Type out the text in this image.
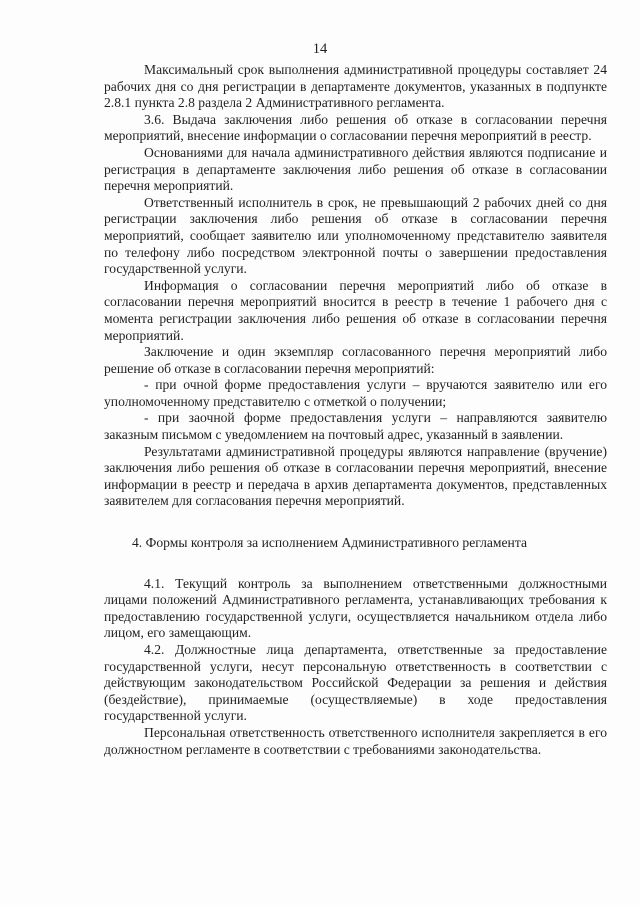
14

Максимальный срок выполнения административной процедуры составляет 24 рабочих дня со дня регистрации в департаменте документов, указанных в подпункте 2.8.1 пункта 2.8 раздела 2 Административного регламента.

3.6. Выдача заключения либо решения об отказе в согласовании перечня мероприятий, внесение информации о согласовании перечня мероприятий в реестр.

Основаниями для начала административного действия являются подписание и регистрация в департаменте заключения либо решения об отказе в согласовании перечня мероприятий.

Ответственный исполнитель в срок, не превышающий 2 рабочих дней со дня регистрации заключения либо решения об отказе в согласовании перечня мероприятий, сообщает заявителю или уполномоченному представителю заявителя по телефону либо посредством электронной почты о завершении предоставления государственной услуги.

Информация о согласовании перечня мероприятий либо об отказе в согласовании перечня мероприятий вносится в реестр в течение 1 рабочего дня с момента регистрации заключения либо решения об отказе в согласовании перечня мероприятий.

Заключение и один экземпляр согласованного перечня мероприятий либо решение об отказе в согласовании перечня мероприятий:

- при очной форме предоставления услуги – вручаются заявителю или его уполномоченному представителю с отметкой о получении;

- при заочной форме предоставления услуги – направляются заявителю заказным письмом с уведомлением на почтовый адрес, указанный в заявлении.

Результатами административной процедуры являются направление (вручение) заключения либо решения об отказе в согласовании перечня мероприятий, внесение информации в реестр и передача в архив департамента документов, представленных заявителем для согласования перечня мероприятий.

4. Формы контроля за исполнением Административного регламента

4.1. Текущий контроль за выполнением ответственными должностными лицами положений Административного регламента, устанавливающих требования к предоставлению государственной услуги, осуществляется начальником отдела либо лицом, его замещающим.

4.2. Должностные лица департамента, ответственные за предоставление государственной услуги, несут персональную ответственность в соответствии с действующим законодательством Российской Федерации за решения и действия (бездействие), принимаемые (осуществляемые) в ходе предоставления государственной услуги.

Персональная ответственность ответственного исполнителя закрепляется в его должностном регламенте в соответствии с требованиями законодательства.
